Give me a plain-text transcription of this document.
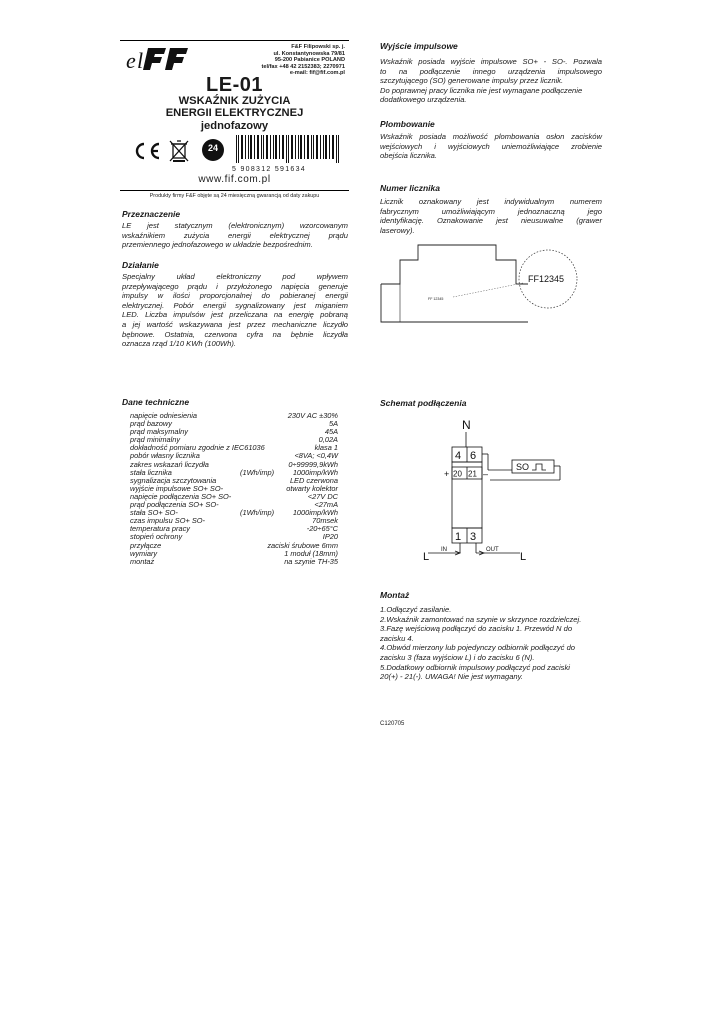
e l
F&F Filipowski sp. j.
ul. Konstantynowska 79/81
95-200 Pabianice POLAND
tel/fax +48 42 2152383; 2270971
e-mail: fif@fif.com.pl
LE-01
WSKAŹNIK ZUŻYCIA
ENERGII ELEKTRYCZNEJ
jednofazowy
24
5 908312 591634
www.fif.com.pl
Produkty firmy F&F objęte są 24 miesięczną gwarancją od daty zakupu
Przeznaczenie
LE jest statycznym (elektronicznym) wzorcowanym
wskaźnikiem zużycia energii elektrycznej prądu
przemiennego jednofazowego w układzie bezpośrednim.
Działanie
Specjalny układ elektroniczny pod wpływem
przepływającego prądu i przyłożonego napięcia generuje
impulsy w ilości proporcjonalnej do pobieranej energii
elektrycznej. Pobór energii sygnalizowany jest miganiem
LED. Liczba impulsów jest przeliczana na energię pobraną
a jej wartość wskazywana jest przez mechaniczne liczydło
bębnowe. Ostatnia, czerwona cyfra na bębnie liczydła
oznacza rząd 1/10 KWh (100Wh).
Dane techniczne
napięcie odniesienia	230V AC ±30%
prąd bazowy	5A
prąd maksymalny	45A
prąd minimalny	0,02A
dokładność pomiaru zgodnie z IEC61036	klasa 1
pobór własny licznika	<8VA; <0,4W
zakres wskazań liczydła	0÷99999,9kWh
stała licznika	(1Wh/imp)	1000imp/kWh
sygnalizacja szczytowania	LED czerwona
wyjście impulsowe SO+ SO-	otwarty kolektor
napięcie podłączenia SO+ SO-	<27V DC
prąd podłączenia SO+ SO-	<27mA
stała SO+ SO-	(1Wh/imp)	1000imp/kWh
czas impulsu SO+ SO-	70msek
temperatura pracy	-20÷65°C
stopień ochrony	IP20
przyłącze	zaciski śrubowe 6mm
wymiary	1 moduł (18mm)
montaż	na szynie TH-35
Wyjście impulsowe
Wskaźnik posiada wyjście impulsowe SO+ - SO-. Pozwala
to na podłączenie innego urządzenia impulsowego
szczytującego (SO) generowane impulsy przez licznik.
Do poprawnej pracy licznika nie jest wymagane podłączenie
dodatkowego urządzenia.
Plombowanie
Wskaźnik posiada możliwość plombowania osłon zacisków
wejściowych i wyjściowych uniemożliwiające zrobienie
obejścia licznika.
Numer licznika
Licznik oznakowany jest indywidualnym numerem
fabrycznym umożliwiającym jednoznaczną jego
identyfikację. Oznakowanie jest nieusuwalne (grawer
laserowy).
FF 12345
FF12345
Schemat podłączenia
N
4 6
20 21
+	–
SO
1 3
IN	OUT
L	L
Montaż
1.Odłączyć zasilanie.
2.Wskaźnik zamontować na szynie w skrzynce rozdzielczej.
3.Fazę wejściową podłączyć do zacisku 1. Przewód N do
zacisku 4.
4.Obwód mierzony lub pojedynczy odbiornik podłączyć do
zacisku 3 (faza wyjściow L) i do zacisku 6 (N).
5.Dodatkowy odbiornik impulsowy podłączyć pod zaciski
20(+) - 21(-). UWAGA! Nie jest wymagany.
C120705
